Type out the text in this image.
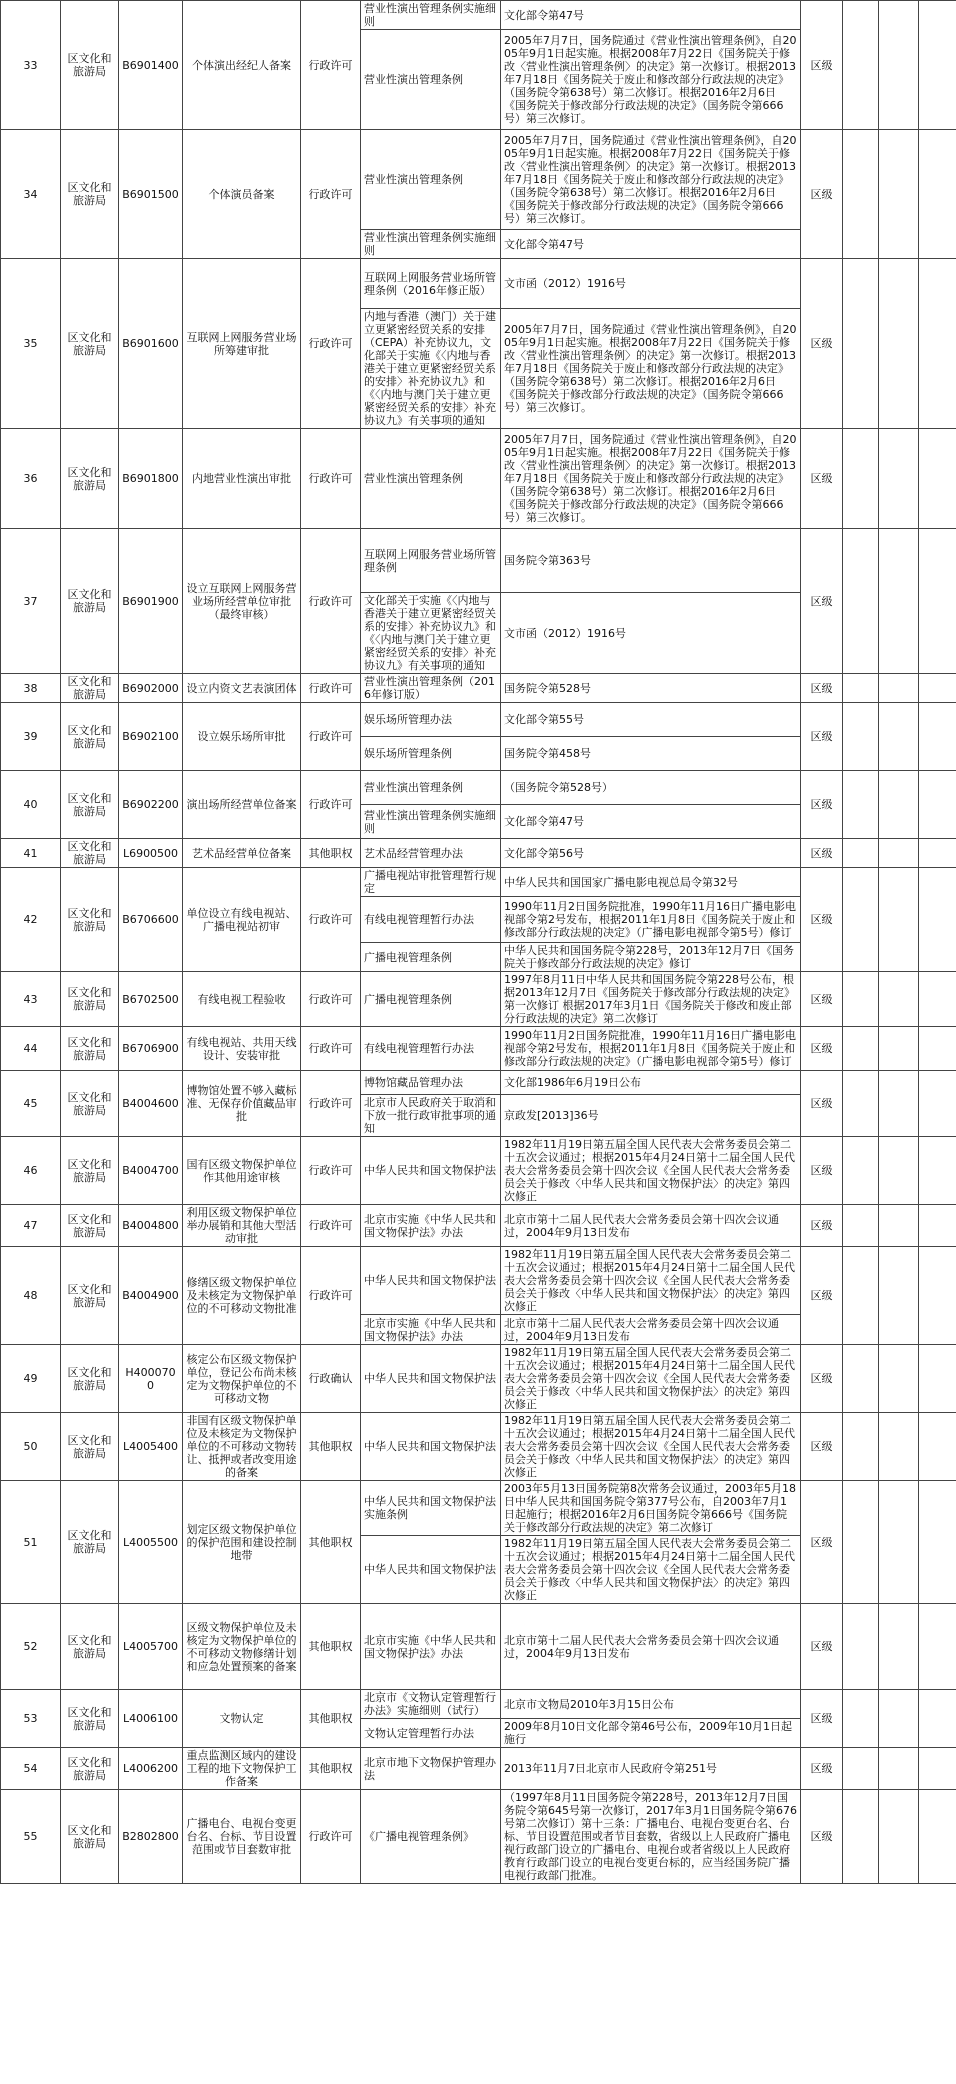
33	区文化和旅游局	B6901400	个体演出经纪人备案	行政许可	营业性演出管理条例实施细则	文化部令第47号	区级			
					营业性演出管理条例	2005年7月7日，国务院通过《营业性演出管理条例》，自2005年9月1日起实施。根据2008年7月22日《国务院关于修改〈营业性演出管理条例〉的决定》第一次修订。根据2013年7月18日《国务院关于废止和修改部分行政法规的决定》（国务院令第638号）第二次修订。根据2016年2月6日《国务院关于修改部分行政法规的决定》（国务院令第666号）第三次修订。				
34	区文化和旅游局	B6901500	个体演员备案	行政许可	营业性演出管理条例	2005年7月7日，国务院通过《营业性演出管理条例》，自2005年9月1日起实施。根据2008年7月22日《国务院关于修改〈营业性演出管理条例〉的决定》第一次修订。根据2013年7月18日《国务院关于废止和修改部分行政法规的决定》（国务院令第638号）第二次修订。根据2016年2月6日《国务院关于修改部分行政法规的决定》（国务院令第666号）第三次修订。	区级			
					营业性演出管理条例实施细则	文化部令第47号				
35	区文化和旅游局	B6901600	互联网上网服务营业场所筹建审批	行政许可	互联网上网服务营业场所管理条例（2016年修正版）	文市函（2012）1916号	区级			
					内地与香港（澳门）关于建立更紧密经贸关系的安排（CEPA）补充协议九，文化部关于实施《〈内地与香港关于建立更紧密经贸关系的安排〉补充协议九》和《〈内地与澳门关于建立更紧密经贸关系的安排〉补充协议九》有关事项的通知	2005年7月7日，国务院通过《营业性演出管理条例》，自2005年9月1日起实施。根据2008年7月22日《国务院关于修改〈营业性演出管理条例〉的决定》第一次修订。根据2013年7月18日《国务院关于废止和修改部分行政法规的决定》（国务院令第638号）第二次修订。根据2016年2月6日《国务院关于修改部分行政法规的决定》（国务院令第666号）第三次修订。				
36	区文化和旅游局	B6901800	内地营业性演出审批	行政许可	营业性演出管理条例	2005年7月7日，国务院通过《营业性演出管理条例》，自2005年9月1日起实施。根据2008年7月22日《国务院关于修改〈营业性演出管理条例〉的决定》第一次修订。根据2013年7月18日《国务院关于废止和修改部分行政法规的决定》（国务院令第638号）第二次修订。根据2016年2月6日《国务院关于修改部分行政法规的决定》（国务院令第666号）第三次修订。	区级			
37	区文化和旅游局	B6901900	设立互联网上网服务营业场所经营单位审批（最终审核）	行政许可	互联网上网服务营业场所管理条例	国务院令第363号	区级			
					文化部关于实施《〈内地与香港关于建立更紧密经贸关系的安排〉补充协议九》和《〈内地与澳门关于建立更紧密经贸关系的安排〉补充协议九》有关事项的通知	文市函（2012）1916号				
38	区文化和旅游局	B6902000	设立内资文艺表演团体	行政许可	营业性演出管理条例（2016年修订版）	国务院令第528号	区级			
39	区文化和旅游局	B6902100	设立娱乐场所审批	行政许可	娱乐场所管理办法	文化部令第55号	区级			
					娱乐场所管理条例	国务院令第458号				
40	区文化和旅游局	B6902200	演出场所经营单位备案	行政许可	营业性演出管理条例	（国务院令第528号）	区级			
					营业性演出管理条例实施细则	文化部令第47号				
41	区文化和旅游局	L6900500	艺术品经营单位备案	其他职权	艺术品经营管理办法	文化部令第56号	区级			
42	区文化和旅游局	B6706600	单位设立有线电视站、广播电视站初审	行政许可	广播电视站审批管理暂行规定	中华人民共和国国家广播电影电视总局令第32号	区级			
					有线电视管理暂行办法	1990年11月2日国务院批准，1990年11月16日广播电影电视部令第2号发布，根据2011年1月8日《国务院关于废止和修改部分行政法规的决定》（广播电影电视部令第5号）修订				
					广播电视管理条例	中华人民共和国国务院令第228号，2013年12月7日《国务院关于修改部分行政法规的决定》修订				
43	区文化和旅游局	B6702500	有线电视工程验收	行政许可	广播电视管理条例	1997年8月11日中华人民共和国国务院令第228号公布，根据2013年12月7日《国务院关于修改部分行政法规的决定》第一次修订 根据2017年3月1日《国务院关于修改和废止部分行政法规的决定》第二次修订	区级			
44	区文化和旅游局	B6706900	有线电视站、共用天线设计、安装审批	行政许可	有线电视管理暂行办法	1990年11月2日国务院批准，1990年11月16日广播电影电视部令第2号发布，根据2011年1月8日《国务院关于废止和修改部分行政法规的决定》（广播电影电视部令第5号）修订	区级			
45	区文化和旅游局	B4004600	博物馆处置不够入藏标准、无保存价值藏品审批	行政许可	博物馆藏品管理办法	文化部1986年6月19日公布	区级			
					北京市人民政府关于取消和下放一批行政审批事项的通知	京政发[2013]36号				
46	区文化和旅游局	B4004700	国有区级文物保护单位作其他用途审核	行政许可	中华人民共和国文物保护法	1982年11月19日第五届全国人民代表大会常务委员会第二十五次会议通过；根据2015年4月24日第十二届全国人民代表大会常务委员会第十四次会议《全国人民代表大会常务委员会关于修改〈中华人民共和国文物保护法〉的决定》第四次修正	区级			
47	区文化和旅游局	B4004800	利用区级文物保护单位举办展销和其他大型活动审批	行政许可	北京市实施《中华人民共和国文物保护法》办法	北京市第十二届人民代表大会常务委员会第十四次会议通过，2004年9月13日发布	区级			
48	区文化和旅游局	B4004900	修缮区级文物保护单位及未核定为文物保护单位的不可移动文物批准	行政许可	中华人民共和国文物保护法	1982年11月19日第五届全国人民代表大会常务委员会第二十五次会议通过；根据2015年4月24日第十二届全国人民代表大会常务委员会第十四次会议《全国人民代表大会常务委员会关于修改〈中华人民共和国文物保护法〉的决定》第四次修正	区级			
					北京市实施《中华人民共和国文物保护法》办法	北京市第十二届人民代表大会常务委员会第十四次会议通过，2004年9月13日发布				
49	区文化和旅游局	H4000700	核定公布区级文物保护单位，登记公布尚未核定为文物保护单位的不可移动文物	行政确认	中华人民共和国文物保护法	1982年11月19日第五届全国人民代表大会常务委员会第二十五次会议通过；根据2015年4月24日第十二届全国人民代表大会常务委员会第十四次会议《全国人民代表大会常务委员会关于修改〈中华人民共和国文物保护法〉的决定》第四次修正	区级			
50	区文化和旅游局	L4005400	非国有区级文物保护单位及未核定为文物保护单位的不可移动文物转让、抵押或者改变用途的备案	其他职权	中华人民共和国文物保护法	1982年11月19日第五届全国人民代表大会常务委员会第二十五次会议通过；根据2015年4月24日第十二届全国人民代表大会常务委员会第十四次会议《全国人民代表大会常务委员会关于修改〈中华人民共和国文物保护法〉的决定》第四次修正	区级			
51	区文化和旅游局	L4005500	划定区级文物保护单位的保护范围和建设控制地带	其他职权	中华人民共和国文物保护法实施条例	2003年5月13日国务院第8次常务会议通过，2003年5月18日中华人民共和国国务院令第377号公布，自2003年7月1日起施行；根据2016年2月6日国务院令第666号《国务院关于修改部分行政法规的决定》第二次修订	区级			
					中华人民共和国文物保护法	1982年11月19日第五届全国人民代表大会常务委员会第二十五次会议通过；根据2015年4月24日第十二届全国人民代表大会常务委员会第十四次会议《全国人民代表大会常务委员会关于修改〈中华人民共和国文物保护法〉的决定》第四次修正				
52	区文化和旅游局	L4005700	区级文物保护单位及未核定为文物保护单位的不可移动文物修缮计划和应急处置预案的备案	其他职权	北京市实施《中华人民共和国文物保护法》办法	北京市第十二届人民代表大会常务委员会第十四次会议通过，2004年9月13日发布	区级			
53	区文化和旅游局	L4006100	文物认定	其他职权	北京市《文物认定管理暂行办法》实施细则（试行）	北京市文物局2010年3月15日公布	区级			
					文物认定管理暂行办法	2009年8月10日文化部令第46号公布，2009年10月1日起施行				
54	区文化和旅游局	L4006200	重点监测区域内的建设工程的地下文物保护工作备案	其他职权	北京市地下文物保护管理办法	2013年11月7日北京市人民政府令第251号	区级			
55	区文化和旅游局	B2802800	广播电台、电视台变更台名、台标、节目设置范围或节目套数审批	行政许可	《广播电视管理条例》	（1997年8月11日国务院令第228号，2013年12月7日国务院令第645号第一次修订，2017年3月1日国务院令第676号第二次修订）第十三条：广播电台、电视台变更台名、台标、节目设置范围或者节目套数，省级以上人民政府广播电视行政部门设立的广播电台、电视台或者省级以上人民政府教育行政部门设立的电视台变更台标的，应当经国务院广播电视行政部门批准。	区级			
